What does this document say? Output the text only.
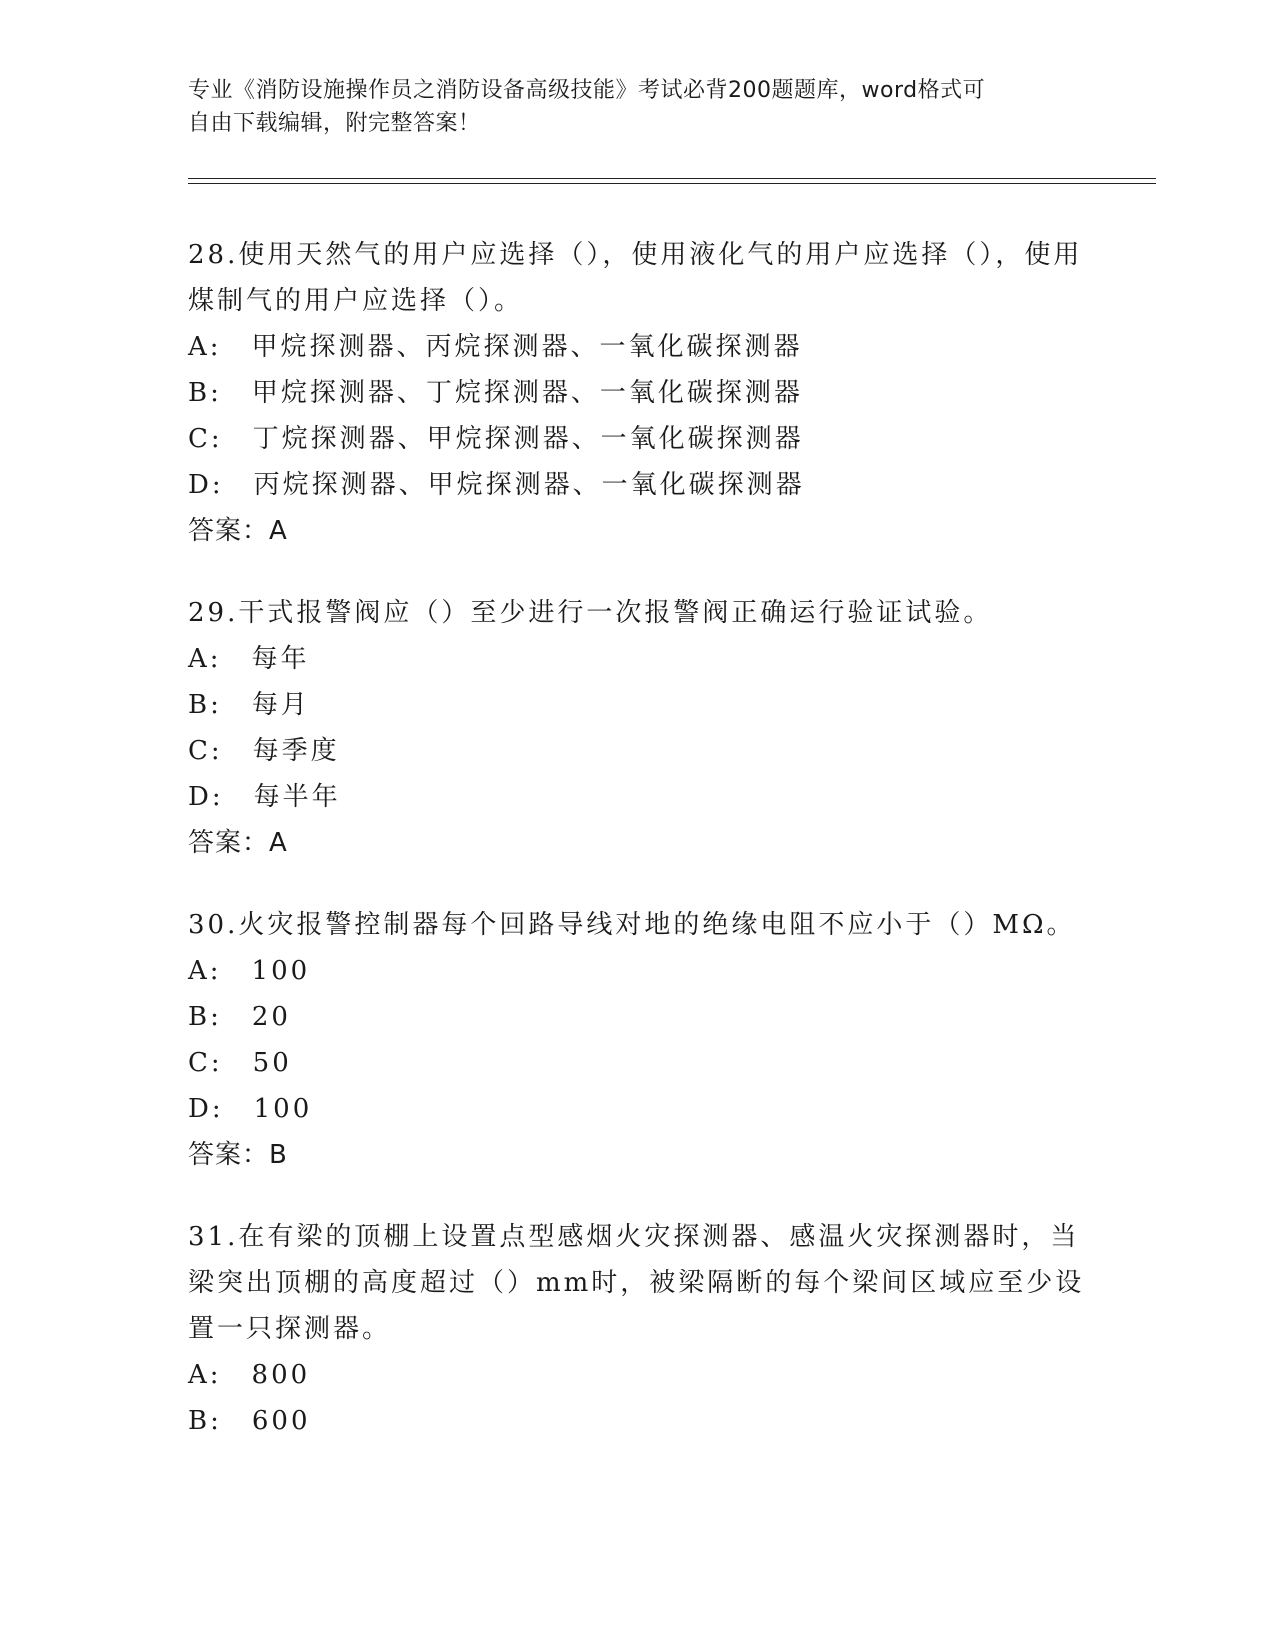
专业《消防设施操作员之消防设备高级技能》考试必背200题题库，word格式可
自由下载编辑，附完整答案！

28.使用天然气的用户应选择（），使用液化气的用户应选择（），使用煤制气的用户应选择（）。

A: 甲烷探测器、丙烷探测器、一氧化碳探测器
B: 甲烷探测器、丁烷探测器、一氧化碳探测器
C: 丁烷探测器、甲烷探测器、一氧化碳探测器
D: 丙烷探测器、甲烷探测器、一氧化碳探测器

答案：A

29.干式报警阀应（）至少进行一次报警阀正确运行验证试验。

A: 每年
B: 每月
C: 每季度
D: 每半年

答案：A

30.火灾报警控制器每个回路导线对地的绝缘电阻不应小于（）MΩ。

A: 100
B: 20
C: 50
D: 100

答案：B

31.在有梁的顶棚上设置点型感烟火灾探测器、感温火灾探测器时，当梁突出顶棚的高度超过（）mm时，被梁隔断的每个梁间区域应至少设置一只探测器。

A: 800
B: 600
